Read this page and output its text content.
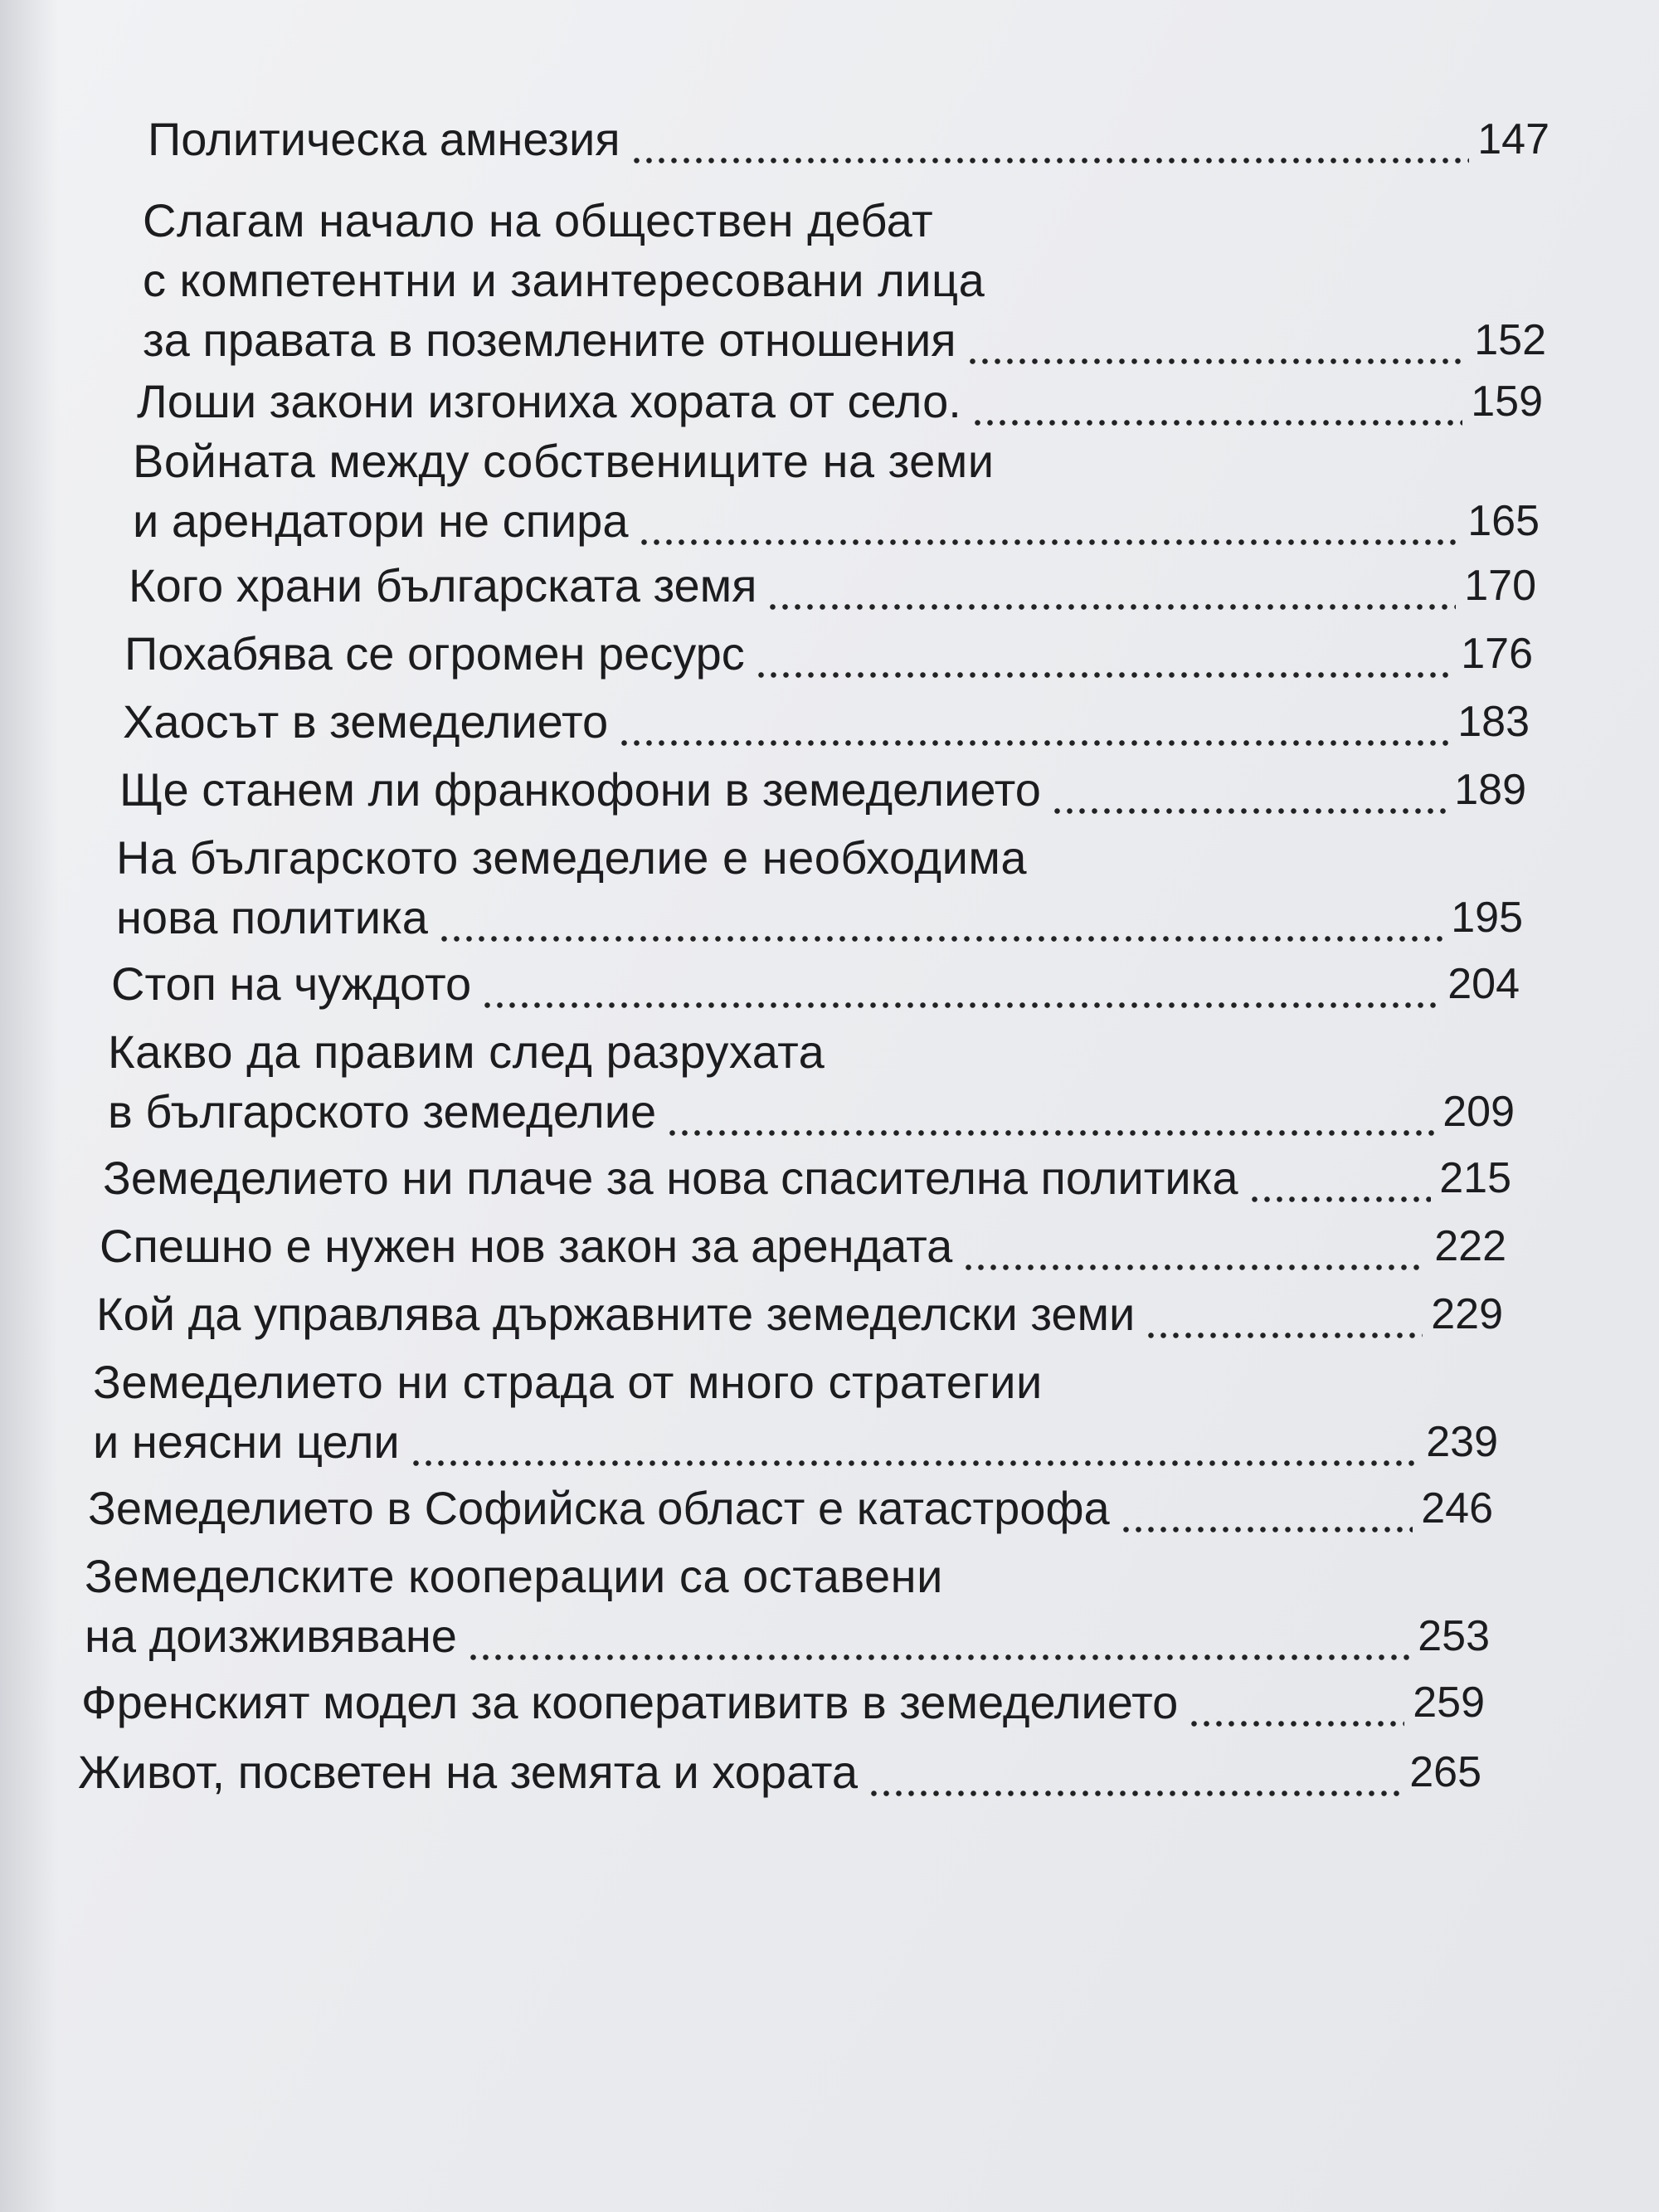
Политическа амнезия	147
Слагам начало на обществен дебат
с компетентни и заинтересовани лица
за правата в поземлените отношения	152
Лоши закони изгониха хората от село.	159
Войната между собствениците на земи
и арендатори не спира	165
Кого храни българската земя	170
Похабява се огромен ресурс	176
Хаосът в земеделието	183
Ще станем ли франкофони в земеделието	189
На българското земеделие е необходима
нова политика	195
Стоп на чуждото	204
Какво да правим след разрухата
в българското земеделие	209
Земеделието ни плаче за нова спасителна политика	215
Спешно е нужен нов закон за арендата	222
Кой да управлява държавните земеделски земи	229
Земеделието ни страда от много стратегии
и неясни цели	239
Земеделието в Софийска област е катастрофа	246
Земеделските кооперации са оставени
на доизживяване	253
Френският модел за кооперативитв в земеделието	259
Живот, посветен на земята и хората	265
